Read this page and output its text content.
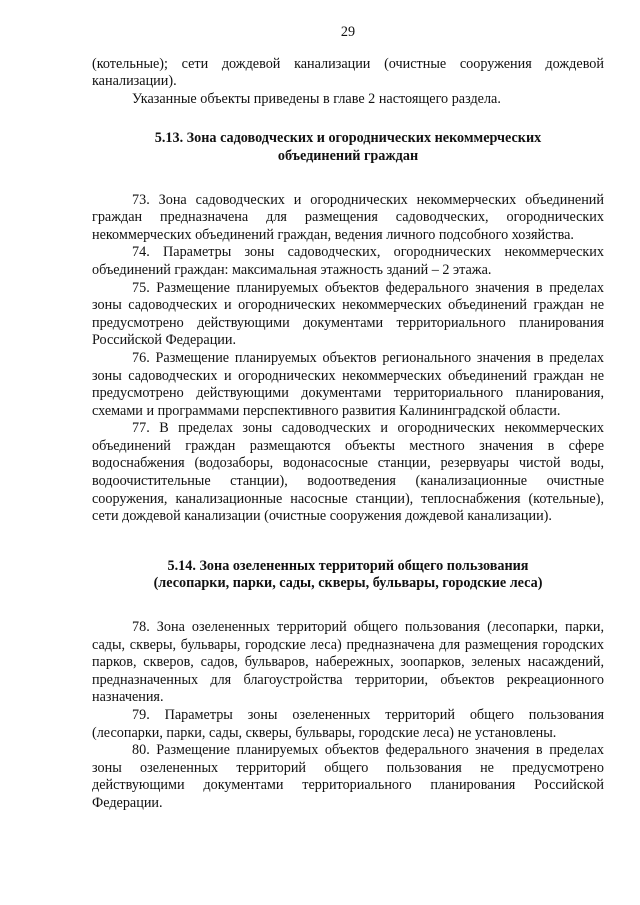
29

(котельные); сети дождевой канализации (очистные сооружения дождевой канализации).

Указанные объекты приведены в главе 2 настоящего раздела.

5.13. Зона садоводческих и огороднических некоммерческих объединений граждан

73. Зона садоводческих и огороднических некоммерческих объединений граждан предназначена для размещения садоводческих, огороднических некоммерческих объединений граждан, ведения личного подсобного хозяйства.

74. Параметры зоны садоводческих, огороднических некоммерческих объединений граждан: максимальная этажность зданий – 2 этажа.

75. Размещение планируемых объектов федерального значения в пределах зоны садоводческих и огороднических некоммерческих объединений граждан не предусмотрено действующими документами территориального планирования Российской Федерации.

76. Размещение планируемых объектов регионального значения в пределах зоны садоводческих и огороднических некоммерческих объединений граждан не предусмотрено действующими документами территориального планирования, схемами и программами перспективного развития Калининградской области.

77. В пределах зоны садоводческих и огороднических некоммерческих объединений граждан размещаются объекты местного значения в сфере водоснабжения (водозаборы, водонасосные станции, резервуары чистой воды, водоочистительные станции), водоотведения (канализационные очистные сооружения, канализационные насосные станции), теплоснабжения (котельные), сети дождевой канализации (очистные сооружения дождевой канализации).

5.14. Зона озелененных территорий общего пользования (лесопарки, парки, сады, скверы, бульвары, городские леса)

78. Зона озелененных территорий общего пользования (лесопарки, парки, сады, скверы, бульвары, городские леса) предназначена для размещения городских парков, скверов, садов, бульваров, набережных, зоопарков, зеленых насаждений, предназначенных для благоустройства территории, объектов рекреационного назначения.

79. Параметры зоны озелененных территорий общего пользования (лесопарки, парки, сады, скверы, бульвары, городские леса) не установлены.

80. Размещение планируемых объектов федерального значения в пределах зоны озелененных территорий общего пользования не предусмотрено действующими документами территориального планирования Российской Федерации.
